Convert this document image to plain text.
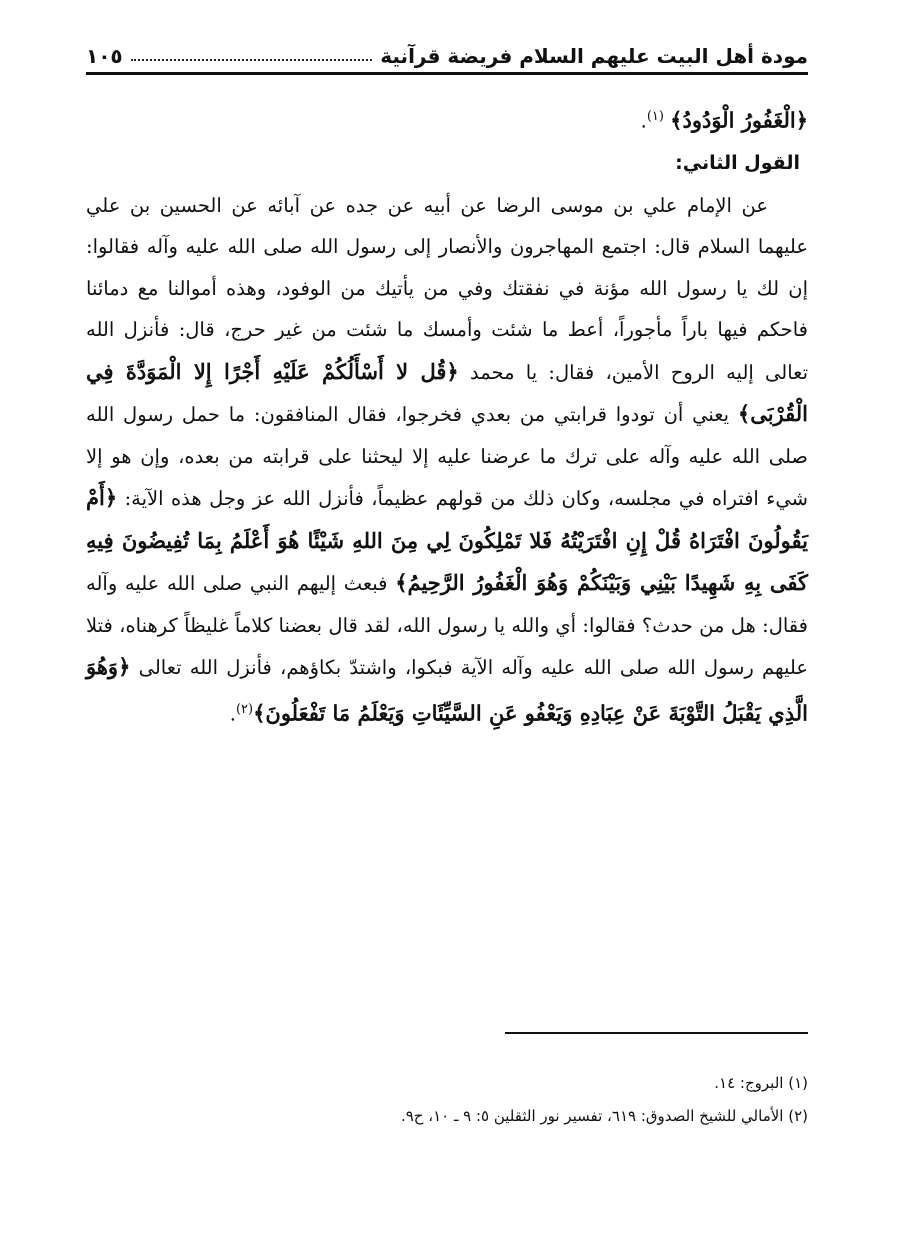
مودة أهل البيت عليهم السلام فريضة قرآنية
١٠٥

﴿الْغَفُورُ الْوَدُودُ﴾ $^{(١)}$.

القول الثاني:

عن الإمام علي بن موسى الرضا عن أبيه عن جده عن آبائه عن الحسين بن علي عليهما السلام قال: اجتمع المهاجرون والأنصار إلى رسول الله صلى الله عليه وآله فقالوا: إن لك يا رسول الله مؤنة في نفقتك وفي من يأتيك من الوفود، وهذه أموالنا مع دمائنا فاحكم فيها باراً مأجوراً، أعط ما شئت وأمسك ما شئت من غير حرج، قال: فأنزل الله تعالى إليه الروح الأمين، فقال: يا محمد ﴿قُل لا أَسْأَلُكُمْ عَلَيْهِ أَجْرًا إِلا الْمَوَدَّةَ فِي الْقُرْبَى﴾ يعني أن تودوا قرابتي من بعدي فخرجوا، فقال المنافقون: ما حمل رسول الله صلى الله عليه وآله على ترك ما عرضنا عليه إلا ليحثنا على قرابته من بعده، وإن هو إلا شيء افتراه في مجلسه، وكان ذلك من قولهم عظيماً، فأنزل الله عز وجل هذه الآية: ﴿أَمْ يَقُولُونَ افْتَرَاهُ قُلْ إِنِ افْتَرَيْتُهُ فَلا تَمْلِكُونَ لِي مِنَ اللهِ شَيْئًا هُوَ أَعْلَمُ بِمَا تُفِيضُونَ فِيهِ كَفَى بِهِ شَهِيدًا بَيْنِي وَبَيْنَكُمْ وَهُوَ الْغَفُورُ الرَّحِيمُ﴾ فبعث إليهم النبي صلى الله عليه وآله فقال: هل من حدث؟ فقالوا: أي والله يا رسول الله، لقد قال بعضنا كلاماً غليظاً كرهناه، فتلا عليهم رسول الله صلى الله عليه وآله الآية فبكوا، واشتدّ بكاؤهم، فأنزل الله تعالى ﴿وَهُوَ الَّذِي يَقْبَلُ التَّوْبَةَ عَنْ عِبَادِهِ وَيَعْفُو عَنِ السَّيِّئَاتِ وَيَعْلَمُ مَا تَفْعَلُونَ﴾$^{(٢)}$.

(١) البروج: ١٤.

(٢) الأمالي للشيخ الصدوق: ٦١٩، تفسير نور الثقلين ٥: ٩ ـ ١٠، ح٩.
